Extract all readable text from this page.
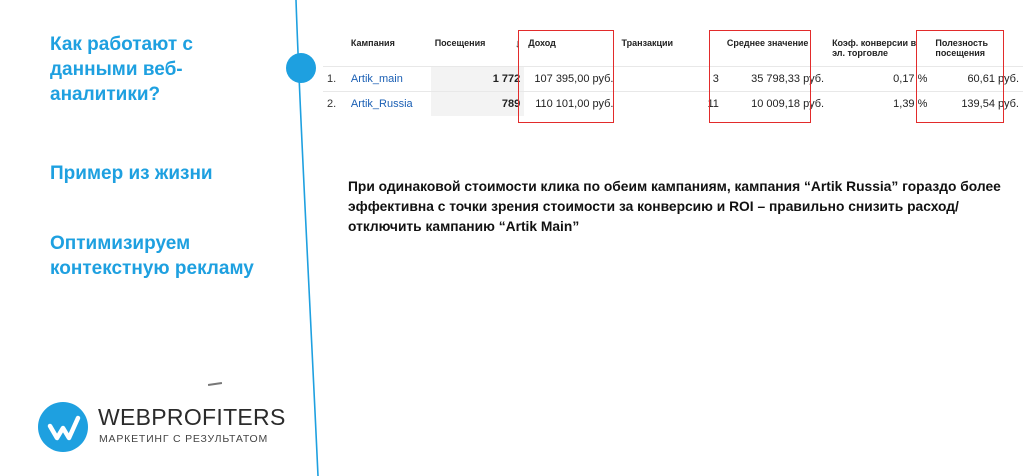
Как работают с данными веб-аналитики?
Пример из жизни
Оптимизируем контекстную рекламу
WEBPROFITERS
МАРКЕТИНГ С РЕЗУЛЬТАТОМ
	Кампания	Посещения ↓	Доход	Транзакции	Среднее значение	Коэф. конверсии в эл. торговле	Полезность посещения
1.	Artik_main	1 772	107 395,00 руб.	3	35 798,33 руб.	0,17 %	60,61 руб.
2.	Artik_Russia	789	110 101,00 руб.	11	10 009,18 руб.	1,39 %	139,54 руб.
При одинаковой стоимости клика по обеим кампаниям, кампания “Artik Russia” гораздо более эффективна с точки зрения стоимости за конверсию и ROI – правильно снизить расход/отключить кампанию “Artik Main”
